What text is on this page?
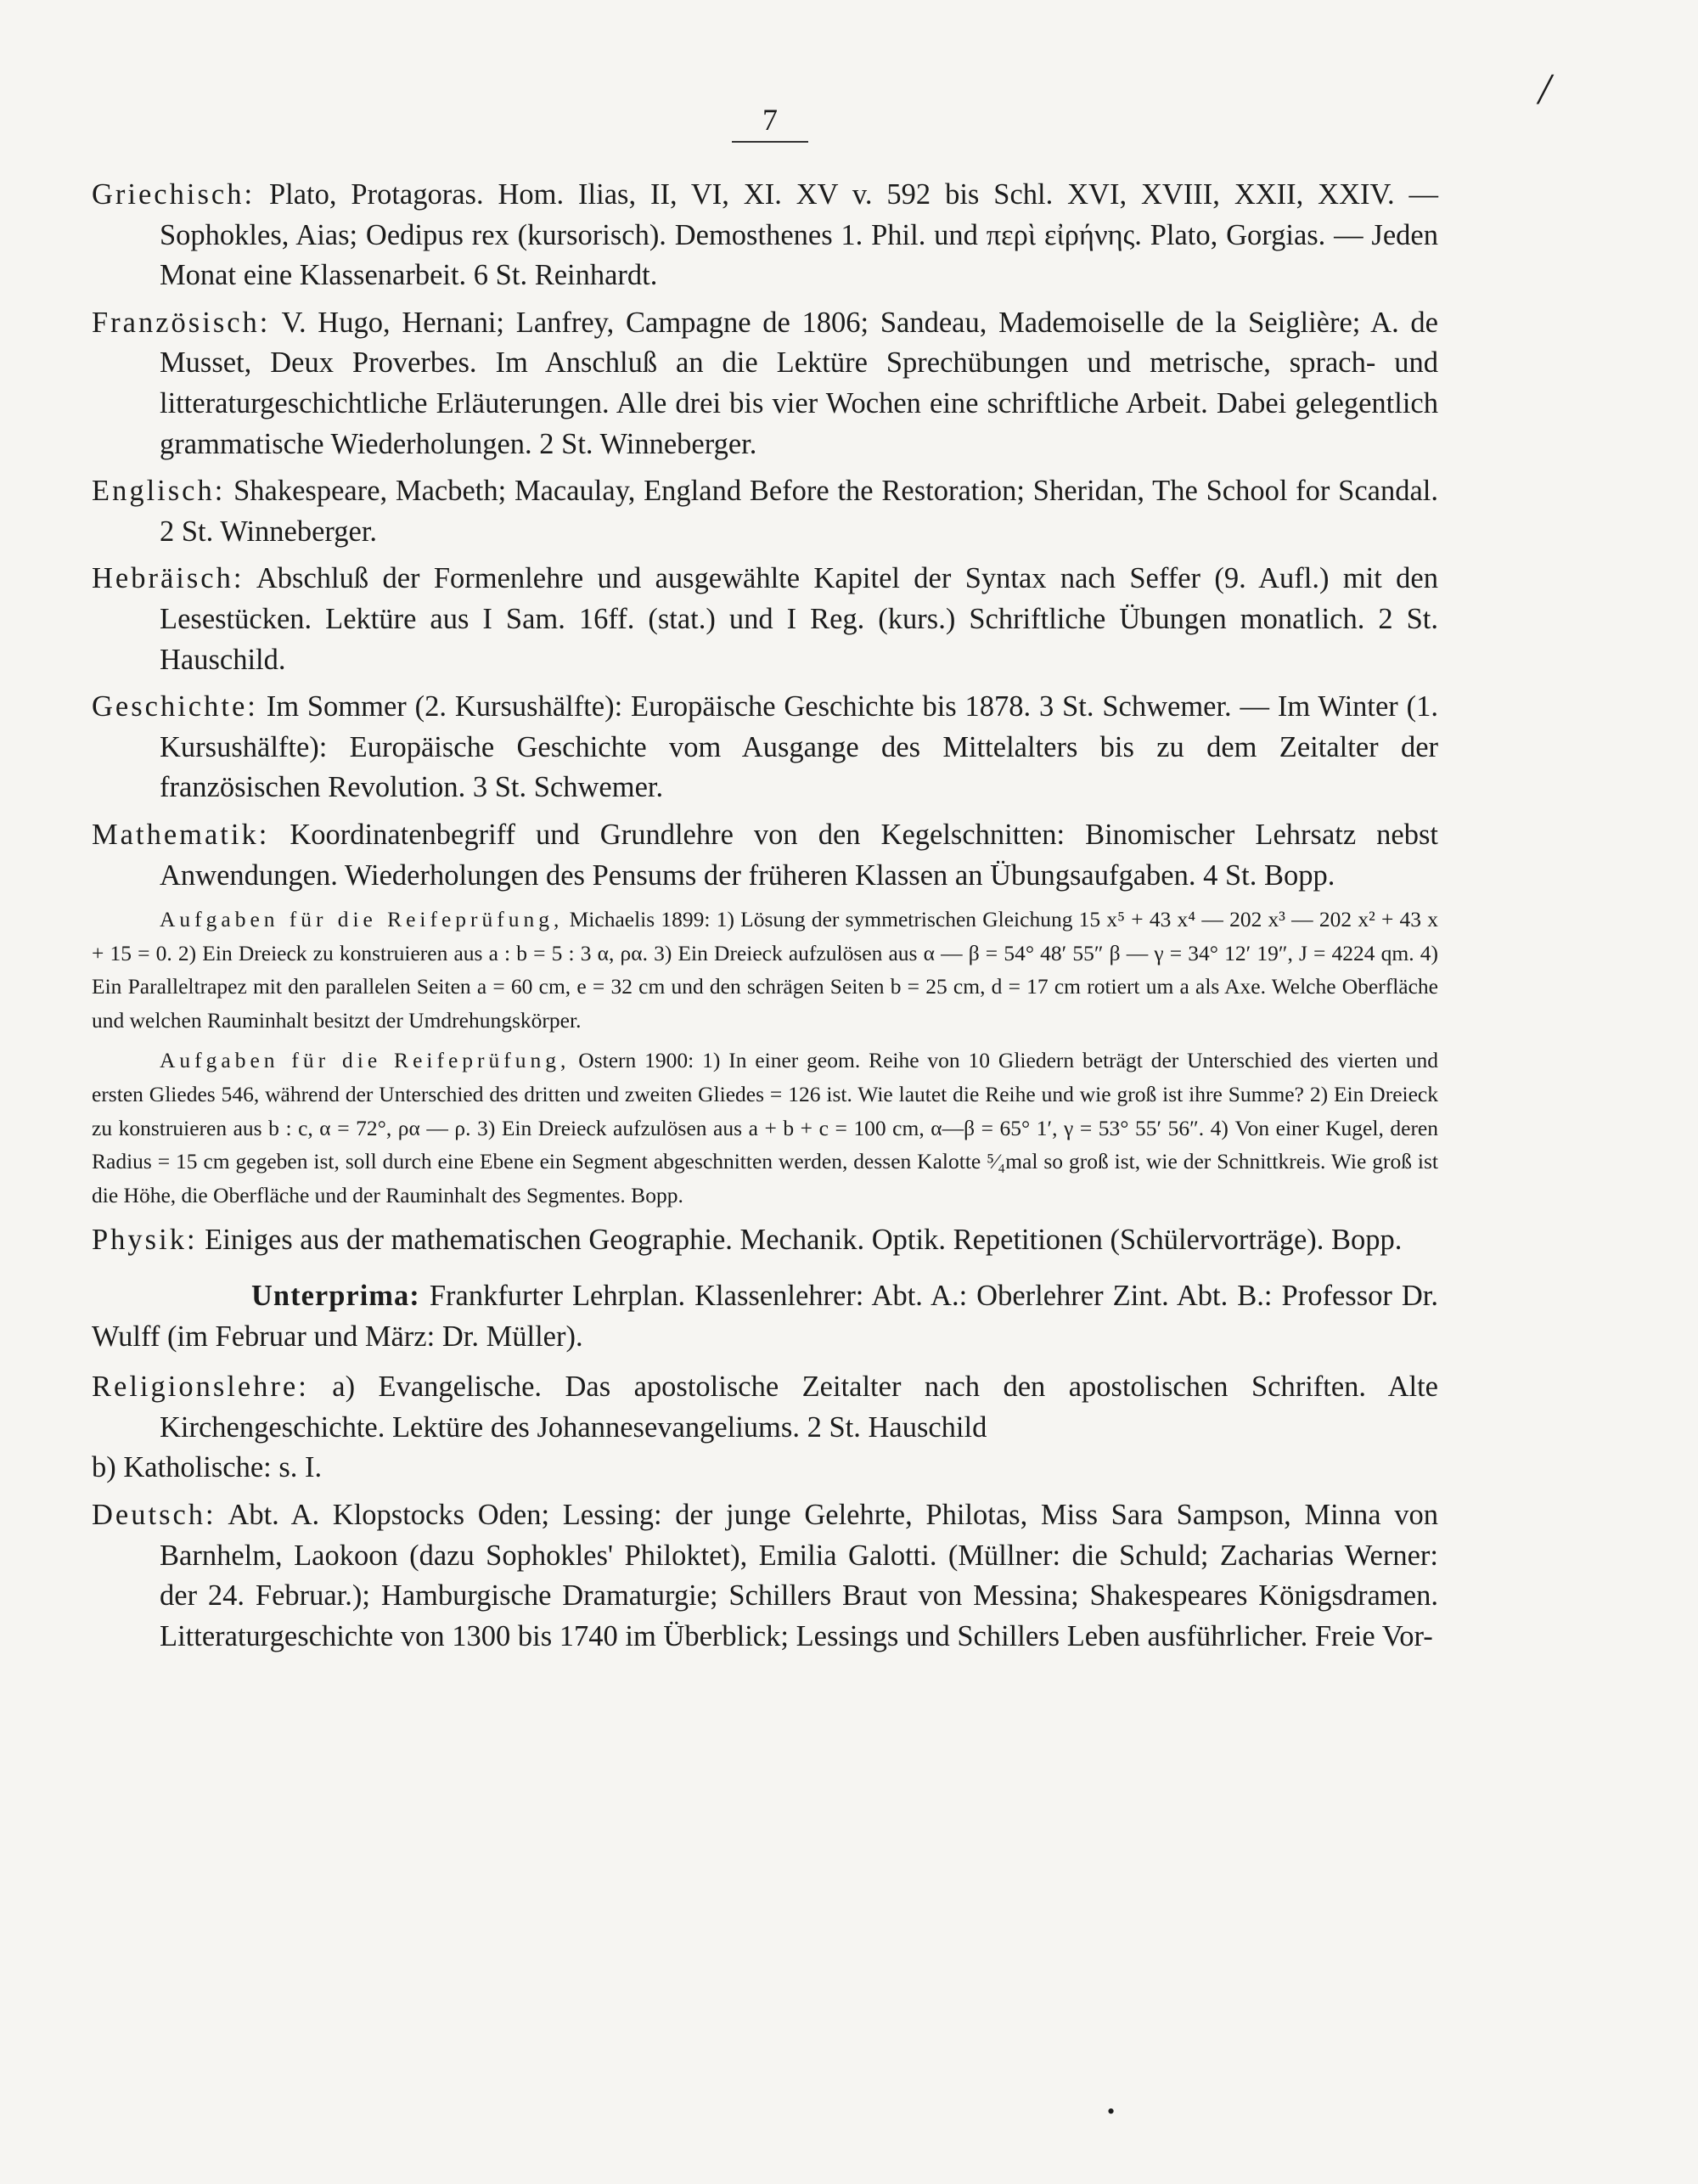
7
/
•

Griechisch: Plato, Protagoras. Hom. Ilias, II, VI, XI. XV v. 592 bis Schl. XVI, XVIII, XXII, XXIV. — Sophokles, Aias; Oedipus rex (kursorisch). Demosthenes 1. Phil. und περὶ εἰρήνης. Plato, Gorgias. — Jeden Monat eine Klassenarbeit. 6 St. Reinhardt.

Französisch: V. Hugo, Hernani; Lanfrey, Campagne de 1806; Sandeau, Mademoiselle de la Seiglière; A. de Musset, Deux Proverbes. Im Anschluß an die Lektüre Sprechübungen und metrische, sprach- und litteraturgeschichtliche Erläuterungen. Alle drei bis vier Wochen eine schriftliche Arbeit. Dabei gelegentlich grammatische Wiederholungen. 2 St. Winneberger.

Englisch: Shakespeare, Macbeth; Macaulay, England Before the Restoration; Sheridan, The School for Scandal. 2 St. Winneberger.

Hebräisch: Abschluß der Formenlehre und ausgewählte Kapitel der Syntax nach Seffer (9. Aufl.) mit den Lesestücken. Lektüre aus I Sam. 16ff. (stat.) und I Reg. (kurs.) Schriftliche Übungen monatlich. 2 St. Hauschild.

Geschichte: Im Sommer (2. Kursushälfte): Europäische Geschichte bis 1878. 3 St. Schwemer. — Im Winter (1. Kursushälfte): Europäische Geschichte vom Ausgange des Mittelalters bis zu dem Zeitalter der französischen Revolution. 3 St. Schwemer.

Mathematik: Koordinatenbegriff und Grundlehre von den Kegelschnitten: Binomischer Lehrsatz nebst Anwendungen. Wiederholungen des Pensums der früheren Klassen an Übungsaufgaben. 4 St. Bopp.

Aufgaben für die Reifeprüfung, Michaelis 1899: 1) Lösung der symmetrischen Gleichung 15 x⁵ + 43 x⁴ — 202 x³ — 202 x² + 43 x + 15 = 0. 2) Ein Dreieck zu konstruieren aus a : b = 5 : 3 α, ρα. 3) Ein Dreieck aufzulösen aus α — β = 54° 48′ 55″ β — γ = 34° 12′ 19″, J = 4224 qm. 4) Ein Paralleltrapez mit den parallelen Seiten a = 60 cm, e = 32 cm und den schrägen Seiten b = 25 cm, d = 17 cm rotiert um a als Axe. Welche Oberfläche und welchen Rauminhalt besitzt der Umdrehungskörper.

Aufgaben für die Reifeprüfung, Ostern 1900: 1) In einer geom. Reihe von 10 Gliedern beträgt der Unterschied des vierten und ersten Gliedes 546, während der Unterschied des dritten und zweiten Gliedes = 126 ist. Wie lautet die Reihe und wie groß ist ihre Summe? 2) Ein Dreieck zu konstruieren aus b : c, α = 72°, ρα — ρ. 3) Ein Dreieck aufzulösen aus a + b + c = 100 cm, α—β = 65° 1′, γ = 53° 55′ 56″. 4) Von einer Kugel, deren Radius = 15 cm gegeben ist, soll durch eine Ebene ein Segment abgeschnitten werden, dessen Kalotte ⁵⁄₄mal so groß ist, wie der Schnittkreis. Wie groß ist die Höhe, die Oberfläche und der Rauminhalt des Segmentes. Bopp.

Physik: Einiges aus der mathematischen Geographie. Mechanik. Optik. Repetitionen (Schülervorträge). Bopp.

Unterprima: Frankfurter Lehrplan. Klassenlehrer: Abt. A.: Oberlehrer Zint. Abt. B.: Professor Dr. Wulff (im Februar und März: Dr. Müller).

Religionslehre: a) Evangelische. Das apostolische Zeitalter nach den apostolischen Schriften. Alte Kirchengeschichte. Lektüre des Johannesevangeliums. 2 St. Hauschild
b) Katholische: s. I.

Deutsch: Abt. A. Klopstocks Oden; Lessing: der junge Gelehrte, Philotas, Miss Sara Sampson, Minna von Barnhelm, Laokoon (dazu Sophokles' Philoktet), Emilia Galotti. (Müllner: die Schuld; Zacharias Werner: der 24. Februar.); Hamburgische Dramaturgie; Schillers Braut von Messina; Shakespeares Königsdramen. Litteraturgeschichte von 1300 bis 1740 im Überblick; Lessings und Schillers Leben ausführlicher. Freie Vor-
